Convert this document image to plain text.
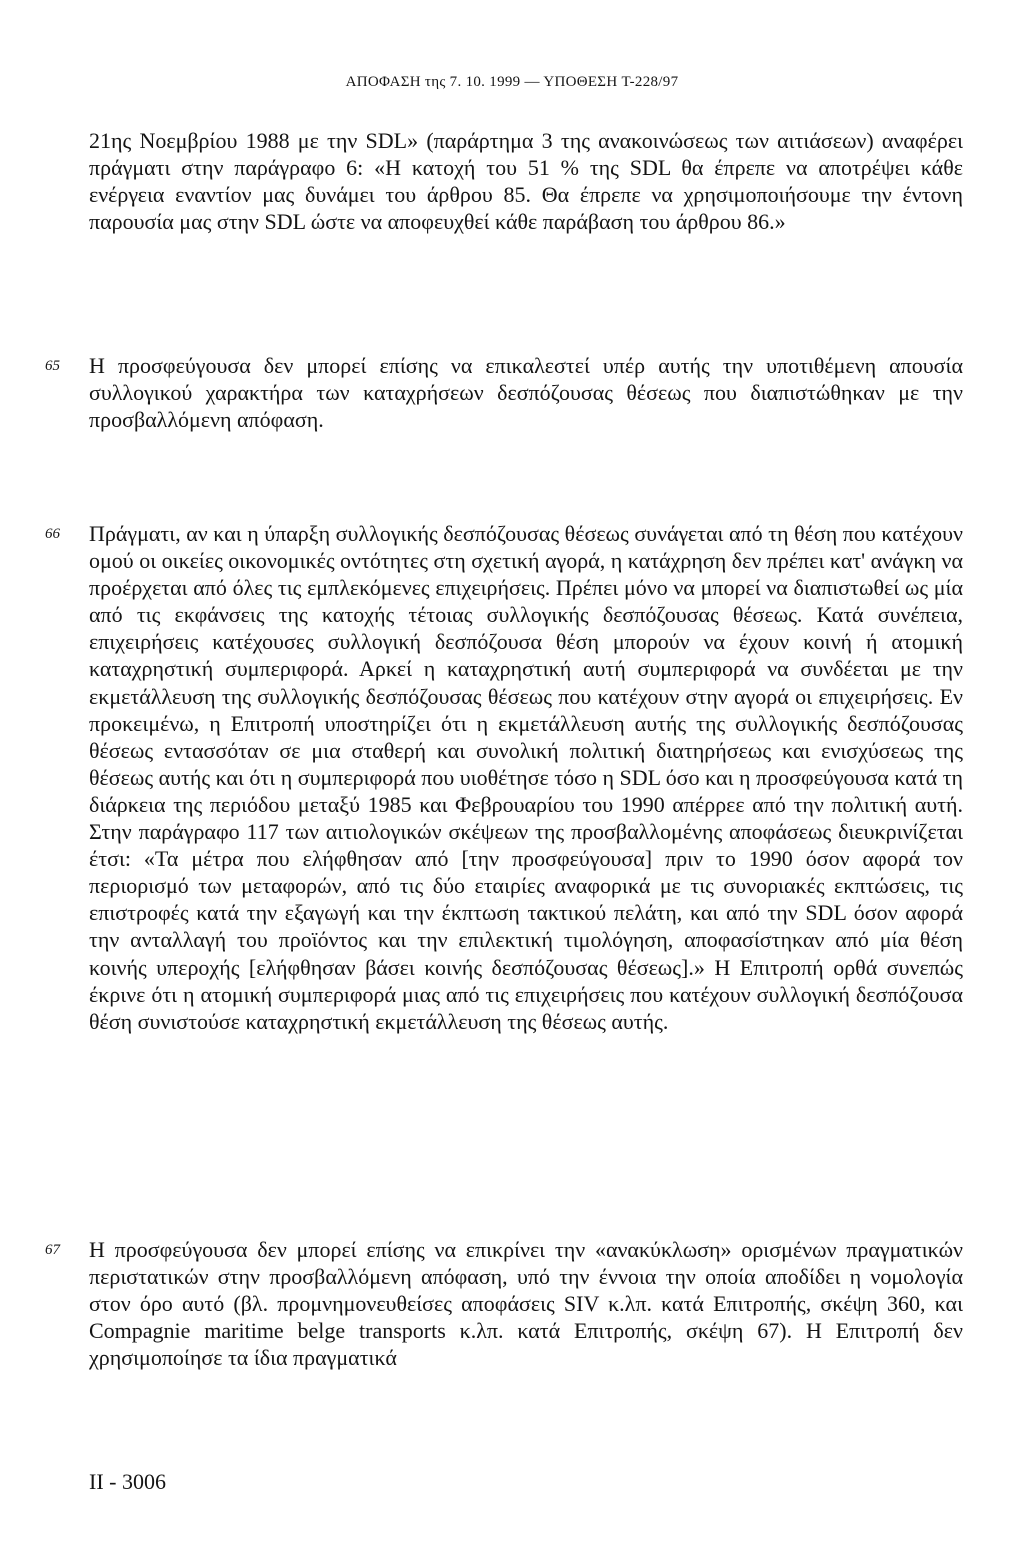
ΑΠΟΦΑΣΗ της 7. 10. 1999 — ΥΠΟΘΕΣΗ T-228/97

21ης Νοεμβρίου 1988 με την SDL» (παράρτημα 3 της ανακοινώσεως των αιτιάσεων) αναφέρει πράγματι στην παράγραφο 6: «Η κατοχή του 51 % της SDL θα έπρεπε να αποτρέψει κάθε ενέργεια εναντίον μας δυνάμει του άρθρου 85. Θα έπρεπε να χρησιμοποιήσουμε την έντονη παρουσία μας στην SDL ώστε να αποφευχθεί κάθε παράβαση του άρθρου 86.»

65 Η προσφεύγουσα δεν μπορεί επίσης να επικαλεστεί υπέρ αυτής την υποτιθέμενη απουσία συλλογικού χαρακτήρα των καταχρήσεων δεσπόζουσας θέσεως που διαπιστώθηκαν με την προσβαλλόμενη απόφαση.

66 Πράγματι, αν και η ύπαρξη συλλογικής δεσπόζουσας θέσεως συνάγεται από τη θέση που κατέχουν ομού οι οικείες οικονομικές οντότητες στη σχετική αγορά, η κατάχρηση δεν πρέπει κατ' ανάγκη να προέρχεται από όλες τις εμπλεκόμενες επιχειρήσεις. Πρέπει μόνο να μπορεί να διαπιστωθεί ως μία από τις εκφάνσεις της κατοχής τέτοιας συλλογικής δεσπόζουσας θέσεως. Κατά συνέπεια, επιχειρήσεις κατέχουσες συλλογική δεσπόζουσα θέση μπορούν να έχουν κοινή ή ατομική καταχρηστική συμπεριφορά. Αρκεί η καταχρηστική αυτή συμπεριφορά να συνδέεται με την εκμετάλλευση της συλλογικής δεσπόζουσας θέσεως που κατέχουν στην αγορά οι επιχειρήσεις. Εν προκειμένω, η Επιτροπή υποστηρίζει ότι η εκμετάλλευση αυτής της συλλογικής δεσπόζουσας θέσεως εντασσόταν σε μια σταθερή και συνολική πολιτική διατηρήσεως και ενισχύσεως της θέσεως αυτής και ότι η συμπεριφορά που υιοθέτησε τόσο η SDL όσο και η προσφεύγουσα κατά τη διάρκεια της περιόδου μεταξύ 1985 και Φεβρουαρίου του 1990 απέρρεε από την πολιτική αυτή. Στην παράγραφο 117 των αιτιολογικών σκέψεων της προσβαλλομένης αποφάσεως διευκρινίζεται έτσι: «Τα μέτρα που ελήφθησαν από [την προσφεύγουσα] πριν το 1990 όσον αφορά τον περιορισμό των μεταφορών, από τις δύο εταιρίες αναφορικά με τις συνοριακές εκπτώσεις, τις επιστροφές κατά την εξαγωγή και την έκπτωση τακτικού πελάτη, και από την SDL όσον αφορά την ανταλλαγή του προϊόντος και την επιλεκτική τιμολόγηση, αποφασίστηκαν από μία θέση κοινής υπεροχής [ελήφθησαν βάσει κοινής δεσπόζουσας θέσεως].» Η Επιτροπή ορθά συνεπώς έκρινε ότι η ατομική συμπεριφορά μιας από τις επιχειρήσεις που κατέχουν συλλογική δεσπόζουσα θέση συνιστούσε καταχρηστική εκμετάλλευση της θέσεως αυτής.

67 Η προσφεύγουσα δεν μπορεί επίσης να επικρίνει την «ανακύκλωση» ορισμένων πραγματικών περιστατικών στην προσβαλλόμενη απόφαση, υπό την έννοια την οποία αποδίδει η νομολογία στον όρο αυτό (βλ. προμνημονευθείσες αποφάσεις SIV κ.λπ. κατά Επιτροπής, σκέψη 360, και Compagnie maritime belge transports κ.λπ. κατά Επιτροπής, σκέψη 67). Η Επιτροπή δεν χρησιμοποίησε τα ίδια πραγματικά

II - 3006
